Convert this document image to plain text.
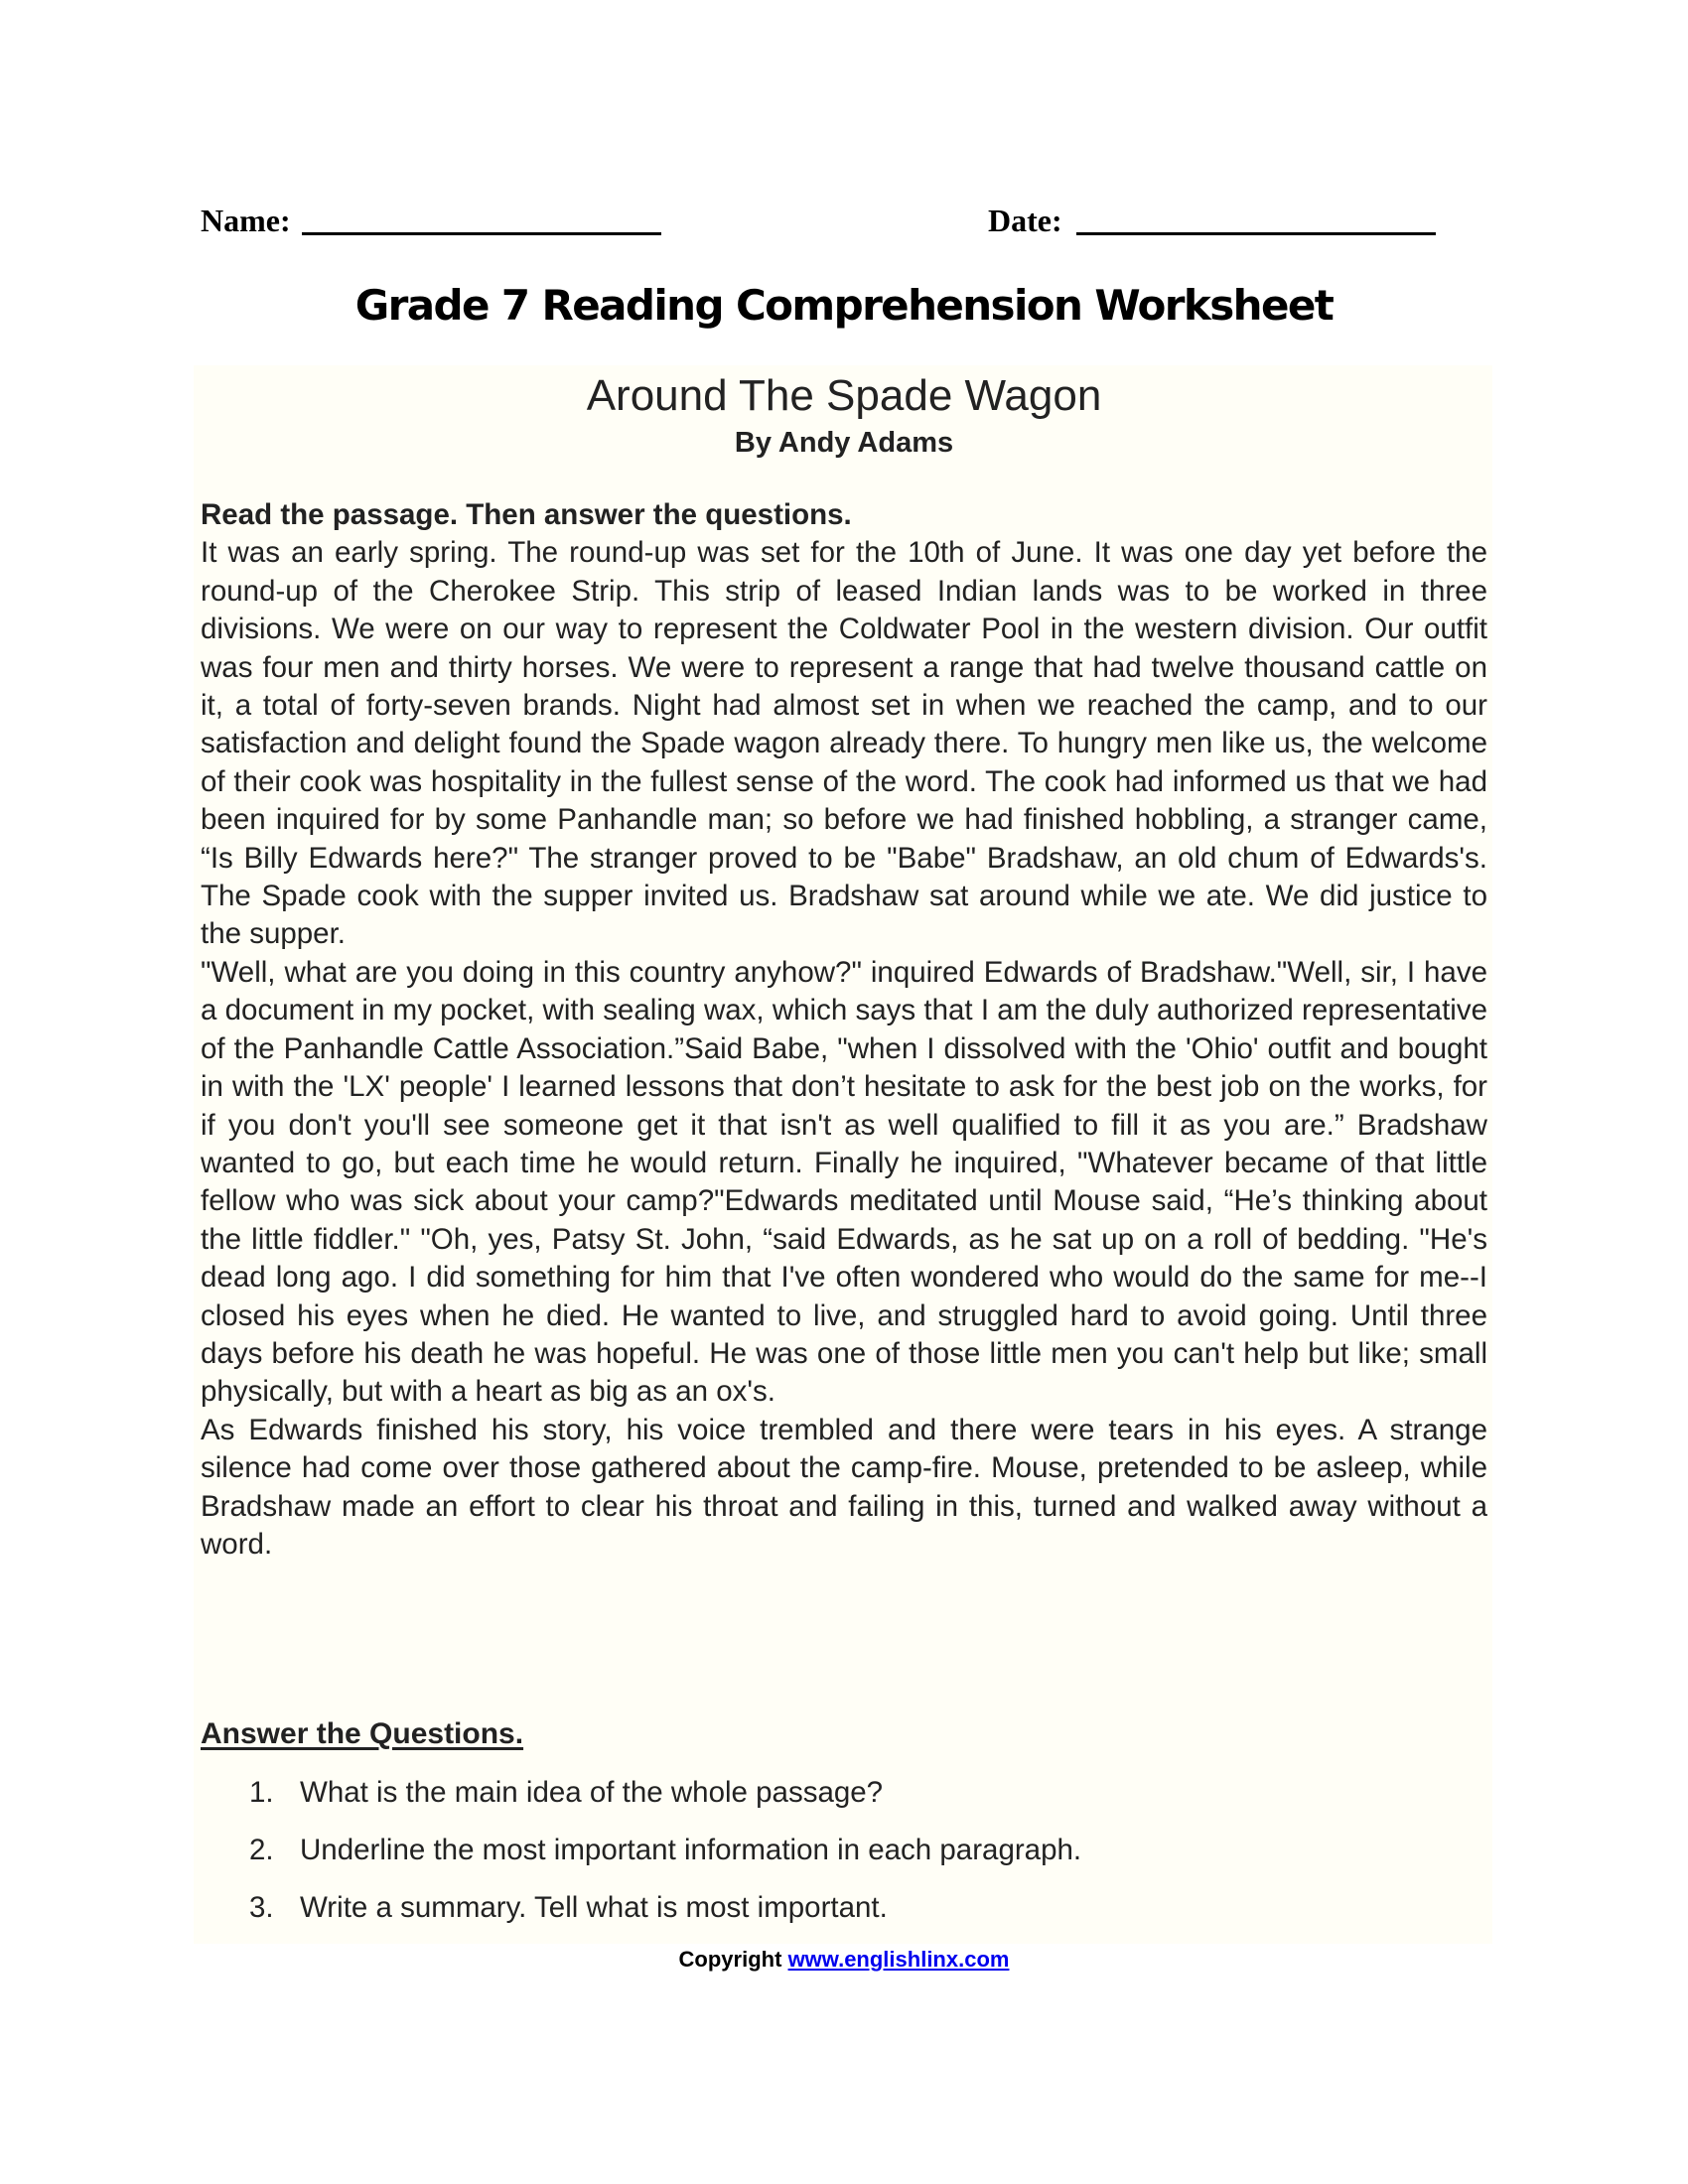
Name:	Date:
Grade 7 Reading Comprehension Worksheet
Around The Spade Wagon
By Andy Adams

Read the passage. Then answer the questions.

It was an early spring. The round-up was set for the 10th of June. It was one day yet before the round-up of the Cherokee Strip. This strip of leased Indian lands was to be worked in three divisions. We were on our way to represent the Coldwater Pool in the western division. Our outfit was four men and thirty horses. We were to represent a range that had twelve thousand cattle on it, a total of forty-seven brands. Night had almost set in when we reached the camp, and to our satisfaction and delight found the Spade wagon already there. To hungry men like us, the welcome of their cook was hospitality in the fullest sense of the word. The cook had informed us that we had been inquired for by some Panhandle man; so before we had finished hobbling, a stranger came, “Is Billy Edwards here?" The stranger proved to be "Babe" Bradshaw, an old chum of Edwards's. The Spade cook with the supper invited us. Bradshaw sat around while we ate. We did justice to the supper.

"Well, what are you doing in this country anyhow?" inquired Edwards of Bradshaw."Well, sir, I have a document in my pocket, with sealing wax, which says that I am the duly authorized representative of the Panhandle Cattle Association.”Said Babe, "when I dissolved with the 'Ohio' outfit and bought in with the 'LX' people' I learned lessons that don’t hesitate to ask for the best job on the works, for if you don't you'll see someone get it that isn't as well qualified to fill it as you are.” Bradshaw wanted to go, but each time he would return. Finally he inquired, "Whatever became of that little fellow who was sick about your camp?"Edwards meditated until Mouse said, “He’s thinking about the little fiddler." "Oh, yes, Patsy St. John, “said Edwards, as he sat up on a roll of bedding. "He's dead long ago. I did something for him that I've often wondered who would do the same for me--I closed his eyes when he died. He wanted to live, and struggled hard to avoid going. Until three days before his death he was hopeful. He was one of those little men you can't help but like; small physically, but with a heart as big as an ox's.

As Edwards finished his story, his voice trembled and there were tears in his eyes. A strange silence had come over those gathered about the camp-fire. Mouse, pretended to be asleep, while Bradshaw made an effort to clear his throat and failing in this, turned and walked away without a word.

Answer the Questions.
1. What is the main idea of the whole passage?
2. Underline the most important information in each paragraph.
3. Write a summary. Tell what is most important.
Copyright www.englishlinx.com
